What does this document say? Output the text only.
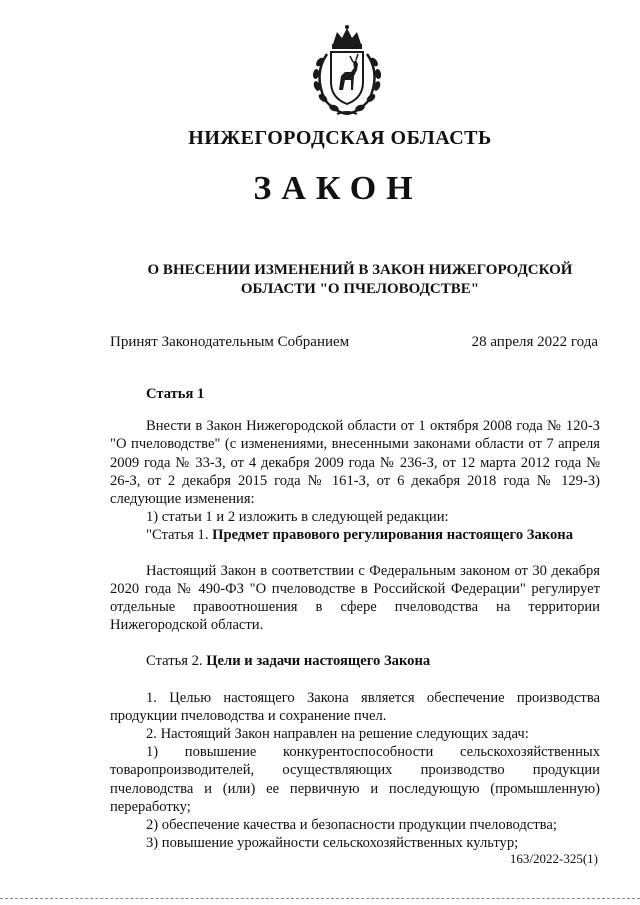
НИЖЕГОРОДСКАЯ ОБЛАСТЬ
ЗАКОН
О ВНЕСЕНИИ ИЗМЕНЕНИЙ В ЗАКОН НИЖЕГОРОДСКОЙ
ОБЛАСТИ "О ПЧЕЛОВОДСТВЕ"
Принят Законодательным Собранием	28 апреля 2022 года

Статья 1

Внести в Закон Нижегородской области от 1 октября 2008 года № 120-З "О пчеловодстве" (с изменениями, внесенными законами области от 7 апреля 2009 года № 33-З, от 4 декабря 2009 года № 236-З, от 12 марта 2012 года № 26-З, от 2 декабря 2015 года № 161-З, от 6 декабря 2018 года № 129-З) следующие изменения:

1) статьи 1 и 2 изложить в следующей редакции:

"Статья 1. Предмет правового регулирования настоящего Закона

Настоящий Закон в соответствии с Федеральным законом от 30 декабря 2020 года № 490-ФЗ "О пчеловодстве в Российской Федерации" регулирует отдельные правоотношения в сфере пчеловодства на территории Нижегородской области.

Статья 2. Цели и задачи настоящего Закона

1. Целью настоящего Закона является обеспечение производства продукции пчеловодства и сохранение пчел.

2. Настоящий Закон направлен на решение следующих задач:

1) повышение конкурентоспособности сельскохозяйственных товаропроизводителей, осуществляющих производство продукции пчеловодства и (или) ее первичную и последующую (промышленную) переработку;

2) обеспечение качества и безопасности продукции пчеловодства;

3) повышение урожайности сельскохозяйственных культур;

163/2022-325(1)
